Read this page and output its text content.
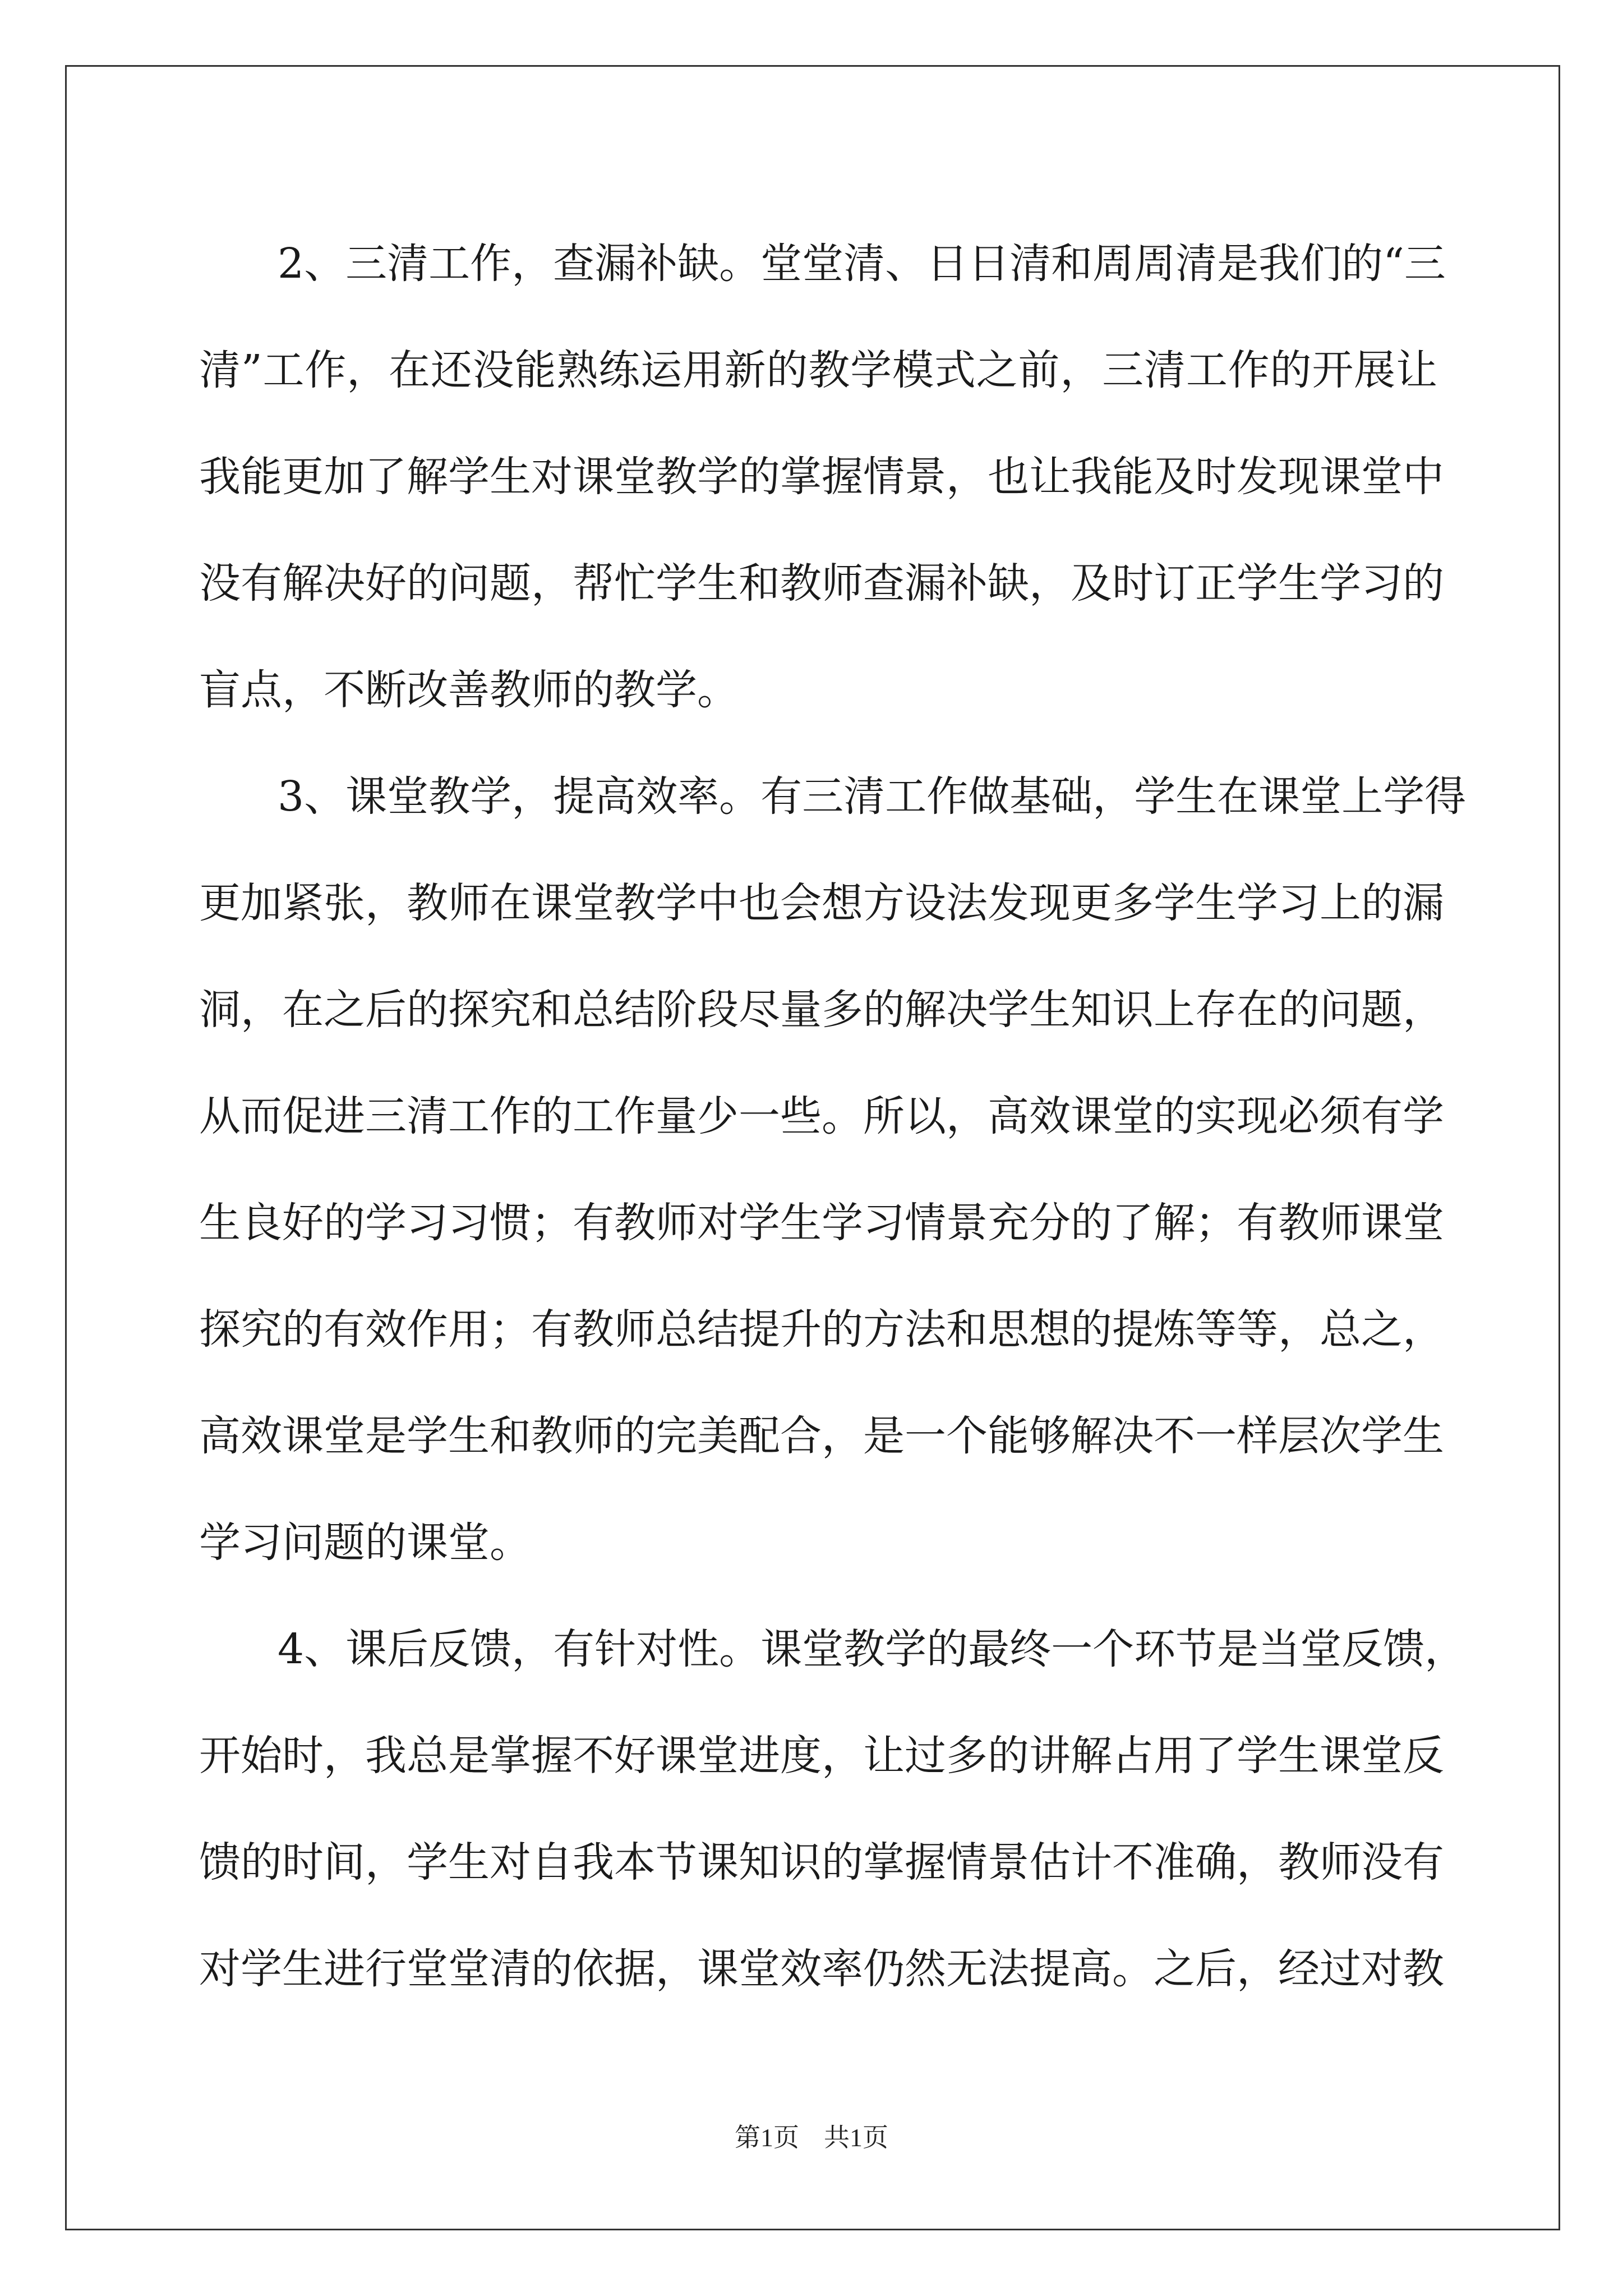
2、三清工作，查漏补缺。堂堂清、日日清和周周清是我们的“三
清”工作，在还没能熟练运用新的教学模式之前，三清工作的开展让
我能更加了解学生对课堂教学的掌握情景，也让我能及时发现课堂中
没有解决好的问题，帮忙学生和教师查漏补缺，及时订正学生学习的
盲点，不断改善教师的教学。
3、课堂教学，提高效率。有三清工作做基础，学生在课堂上学得
更加紧张，教师在课堂教学中也会想方设法发现更多学生学习上的漏
洞，在之后的探究和总结阶段尽量多的解决学生知识上存在的问题，
从而促进三清工作的工作量少一些。所以，高效课堂的实现必须有学
生良好的学习习惯；有教师对学生学习情景充分的了解；有教师课堂
探究的有效作用；有教师总结提升的方法和思想的提炼等等，总之，
高效课堂是学生和教师的完美配合，是一个能够解决不一样层次学生
学习问题的课堂。
4、课后反馈，有针对性。课堂教学的最终一个环节是当堂反馈，
开始时，我总是掌握不好课堂进度，让过多的讲解占用了学生课堂反
馈的时间，学生对自我本节课知识的掌握情景估计不准确，教师没有
对学生进行堂堂清的依据，课堂效率仍然无法提高。之后，经过对教
第1页 共1页
